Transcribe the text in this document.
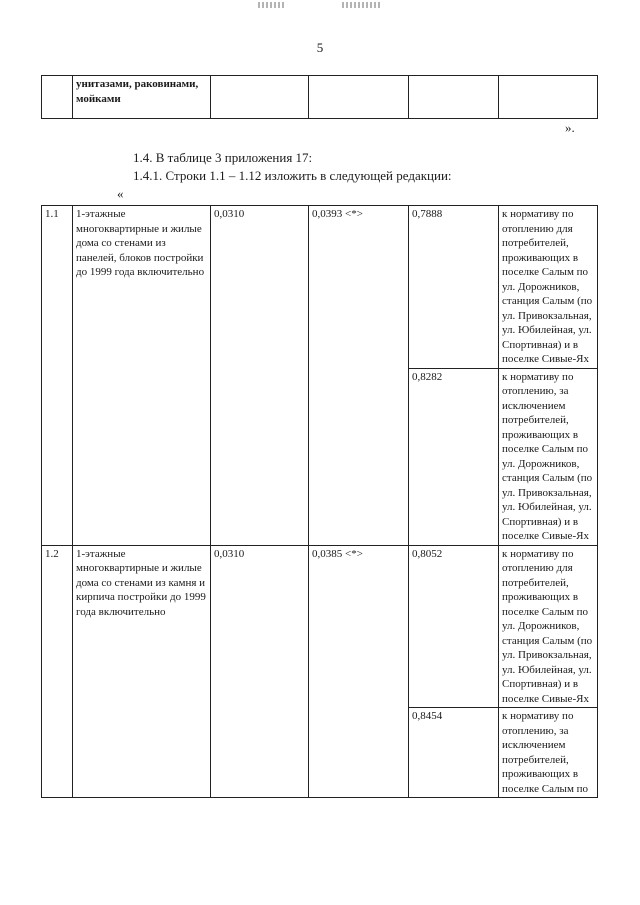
5
	унитазами, раковинами, мойками				
».
1.4. В таблице 3 приложения 17:
1.4.1. Строки 1.1 – 1.12 изложить в следующей редакции:
«
1.1	1-этажные многоквартирные и жилые дома со стенами из панелей, блоков постройки до 1999 года включительно	0,0310	0,0393 <*>	0,7888	к нормативу по отоплению для потребителей, проживающих в поселке Салым по ул. Дорожников, станция Салым (по ул. Привокзальная, ул. Юбилейная, ул. Спортивная) и в поселке Сивые-Ях

				0,8282	к нормативу по отоплению, за исключением потребителей, проживающих в поселке Салым по ул. Дорожников, станция Салым (по ул. Привокзальная, ул. Юбилейная, ул. Спортивная) и в поселке Сивые-Ях

1.2	1-этажные многоквартирные и жилые дома со стенами из камня и кирпича постройки до 1999 года включительно	0,0310	0,0385 <*>	0,8052	к нормативу по отоплению для потребителей, проживающих в поселке Салым по ул. Дорожников, станция Салым (по ул. Привокзальная, ул. Юбилейная, ул. Спортивная) и в поселке Сивые-Ях

				0,8454	к нормативу по отоплению, за исключением потребителей, проживающих в поселке Салым по
